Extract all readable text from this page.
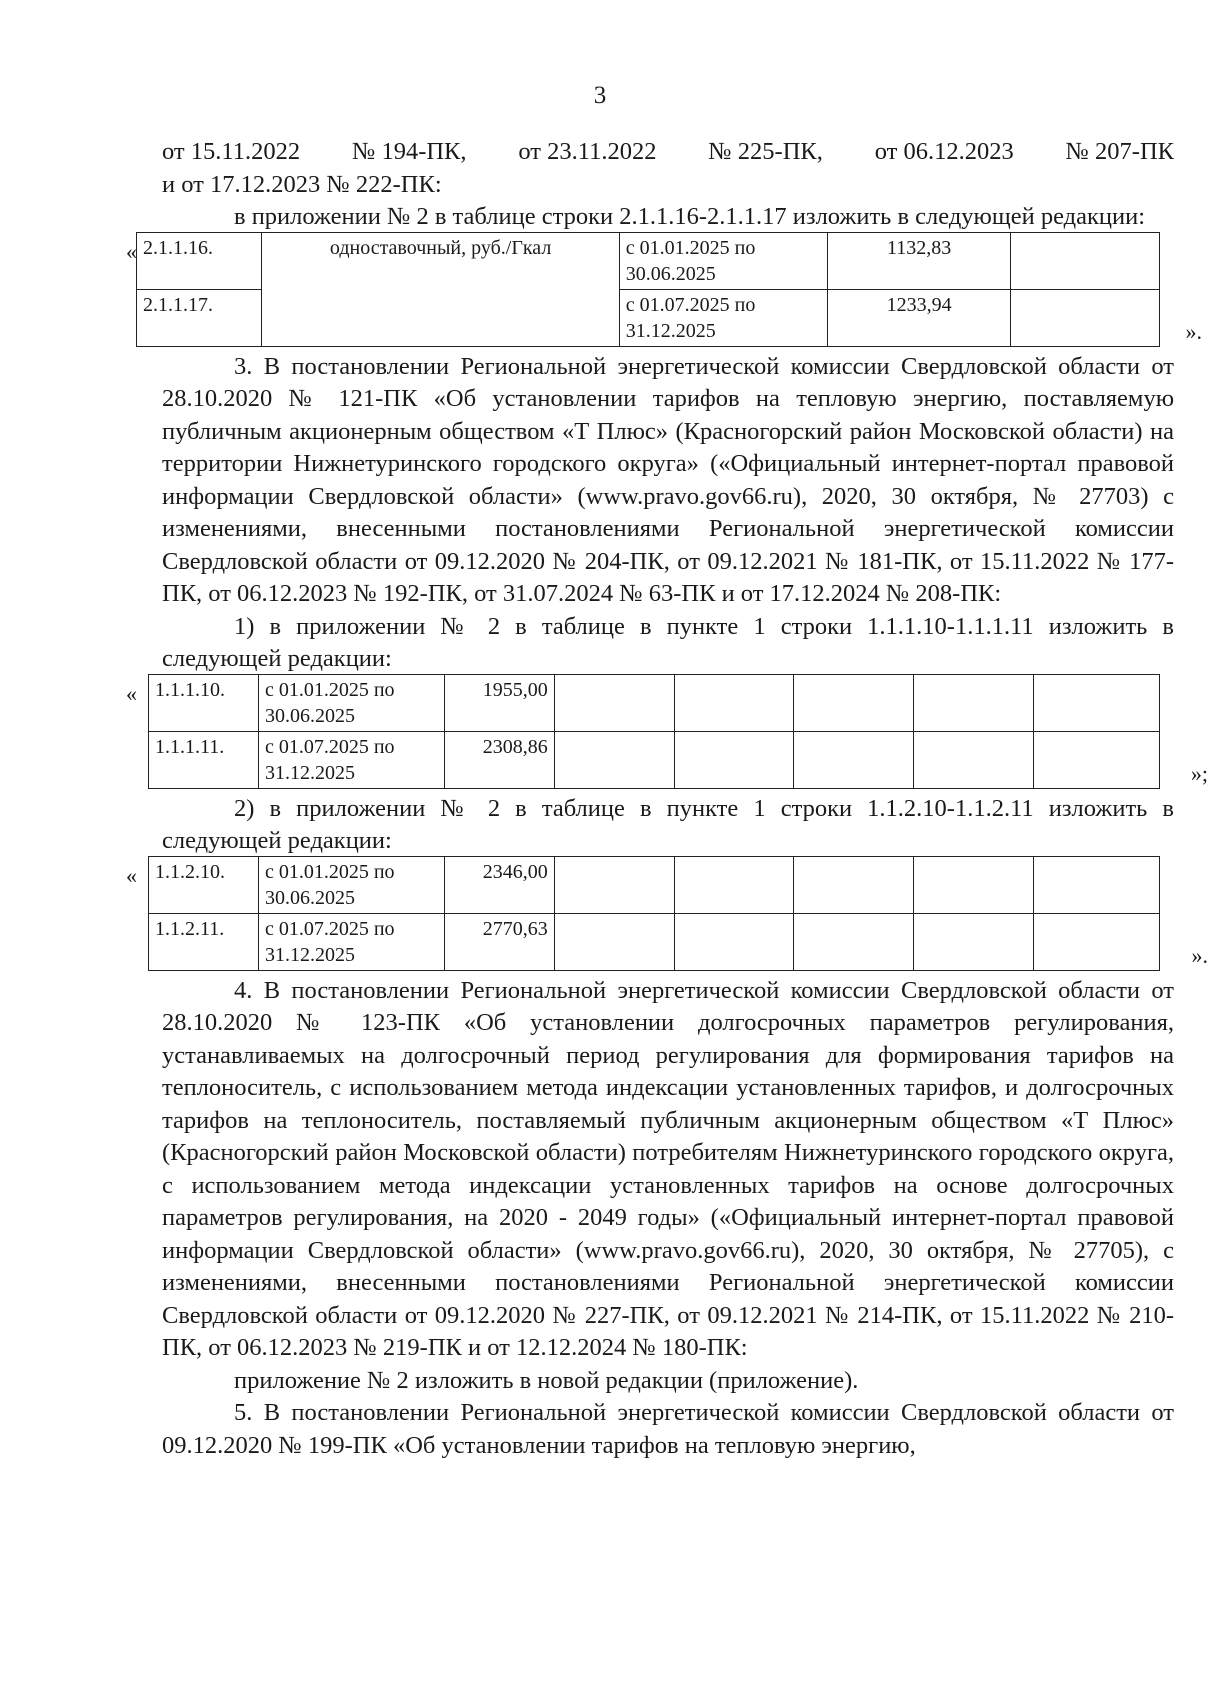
3
от 15.11.2022 № 194-ПК, от 23.11.2022 № 225-ПК, от 06.12.2023 № 207-ПК

и от 17.12.2023 № 222-ПК:

в приложении № 2 в таблице строки 2.1.1.16-2.1.1.17 изложить в следующей редакции:

«
».
2.1.1.16.	одноставочный, руб./Гкал	с 01.01.2025 по 30.06.2025	1132,83	
2.1.1.17.		с 01.07.2025 по 31.12.2025	1233,94	

3. В постановлении Региональной энергетической комиссии Свердловской области от 28.10.2020 № 121-ПК «Об установлении тарифов на тепловую энергию, поставляемую публичным акционерным обществом «Т Плюс» (Красногорский район Московской области) на территории Нижнетуринского городского округа» («Официальный интернет-портал правовой информации Свердловской области» (www.pravo.gov66.ru), 2020, 30 октября, № 27703) с изменениями, внесенными постановлениями Региональной энергетической комиссии Свердловской области от 09.12.2020 № 204-ПК, от 09.12.2021 № 181-ПК, от 15.11.2022 № 177-ПК, от 06.12.2023 № 192-ПК, от 31.07.2024 № 63-ПК и от 17.12.2024 № 208-ПК:

1) в приложении № 2 в таблице в пункте 1 строки 1.1.1.10-1.1.1.11 изложить в следующей редакции:

«
»;
1.1.1.10.	с 01.01.2025 по 30.06.2025	1955,00					
1.1.1.11.	с 01.07.2025 по 31.12.2025	2308,86					

2) в приложении № 2 в таблице в пункте 1 строки 1.1.2.10-1.1.2.11 изложить в следующей редакции:

«
».
1.1.2.10.	с 01.01.2025 по 30.06.2025	2346,00					
1.1.2.11.	с 01.07.2025 по 31.12.2025	2770,63					

4. В постановлении Региональной энергетической комиссии Свердловской области от 28.10.2020 № 123-ПК «Об установлении долгосрочных параметров регулирования, устанавливаемых на долгосрочный период регулирования для формирования тарифов на теплоноситель, с использованием метода индексации установленных тарифов, и долгосрочных тарифов на теплоноситель, поставляемый публичным акционерным обществом «Т Плюс» (Красногорский район Московской области) потребителям Нижнетуринского городского округа, с использованием метода индексации установленных тарифов на основе долгосрочных параметров регулирования, на 2020 - 2049 годы» («Официальный интернет-портал правовой информации Свердловской области» (www.pravo.gov66.ru), 2020, 30 октября, № 27705), с изменениями, внесенными постановлениями Региональной энергетической комиссии Свердловской области от 09.12.2020 № 227-ПК, от 09.12.2021 № 214-ПК, от 15.11.2022 № 210-ПК, от 06.12.2023 № 219-ПК и от 12.12.2024 № 180-ПК:

приложение № 2 изложить в новой редакции (приложение).

5. В постановлении Региональной энергетической комиссии Свердловской области от 09.12.2020 № 199-ПК «Об установлении тарифов на тепловую энергию,
